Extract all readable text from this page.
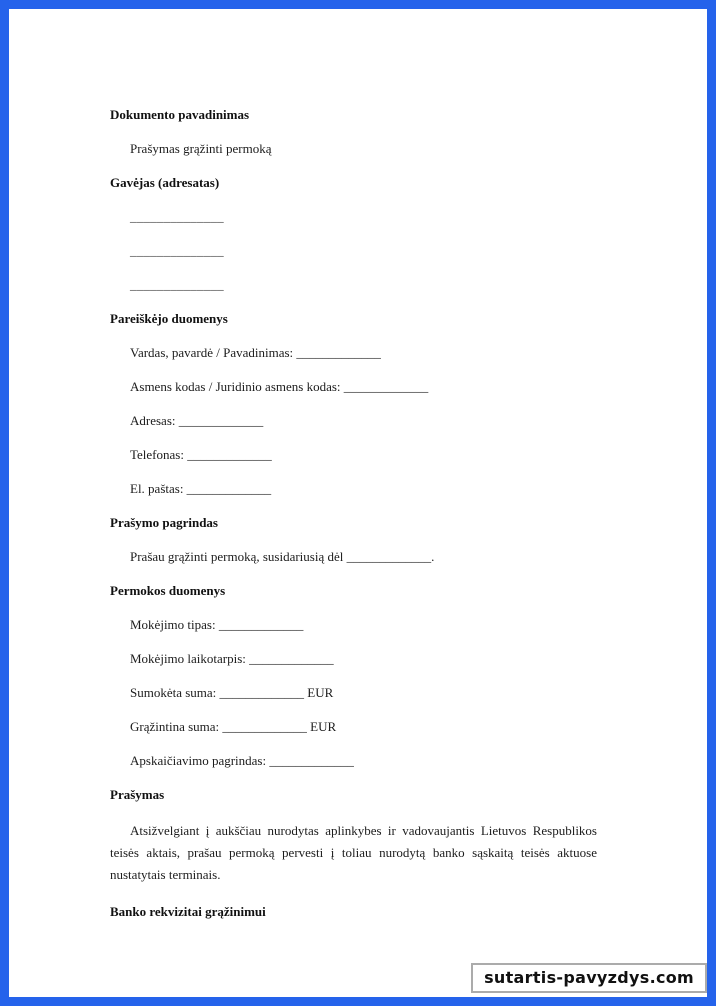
Dokumento pavadinimas
Prašymas grąžinti permoką
Gavėjas (adresatas)
______________
______________
______________
Pareiškėjo duomenys
Vardas, pavardė / Pavadinimas: _____________
Asmens kodas / Juridinio asmens kodas: _____________
Adresas: _____________
Telefonas: _____________
El. paštas: _____________
Prašymo pagrindas
Prašau grąžinti permoką, susidariusią dėl _____________.
Permokos duomenys
Mokėjimo tipas: _____________
Mokėjimo laikotarpis: _____________
Sumokėta suma: _____________ EUR
Grąžintina suma: _____________ EUR
Apskaičiavimo pagrindas: _____________
Prašymas

Atsižvelgiant į aukščiau nurodytas aplinkybes ir vadovaujantis Lietuvos Respublikos teisės aktais, prašau permoką pervesti į toliau nurodytą banko sąskaitą teisės aktuose nustatytais terminais.

Banko rekvizitai grąžinimui
sutartis-pavyzdys.com
